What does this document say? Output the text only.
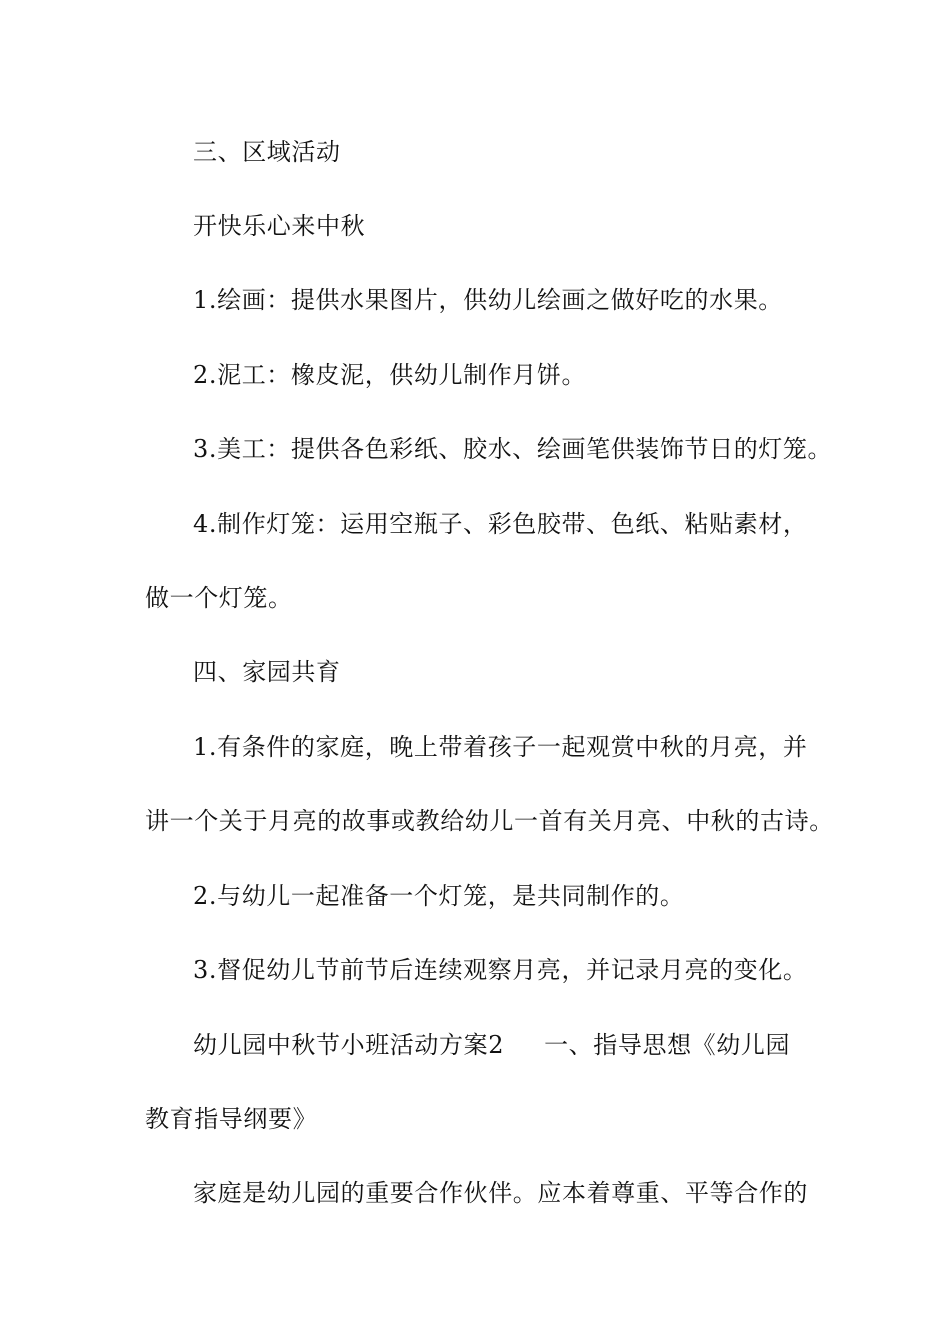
三、区域活动
开快乐心来中秋
1.绘画：提供水果图片，供幼儿绘画之做好吃的水果。
2.泥工：橡皮泥，供幼儿制作月饼。
3.美工：提供各色彩纸、胶水、绘画笔供装饰节日的灯笼。
4.制作灯笼：运用空瓶子、彩色胶带、色纸、粘贴素材，
做一个灯笼。
四、家园共育
1.有条件的家庭，晚上带着孩子一起观赏中秋的月亮，并
讲一个关于月亮的故事或教给幼儿一首有关月亮、中秋的古诗。
2.与幼儿一起准备一个灯笼，是共同制作的。
3.督促幼儿节前节后连续观察月亮，并记录月亮的变化。
幼儿园中秋节小班活动方案2 一、指导思想《幼儿园
教育指导纲要》
家庭是幼儿园的重要合作伙伴。应本着尊重、平等合作的
